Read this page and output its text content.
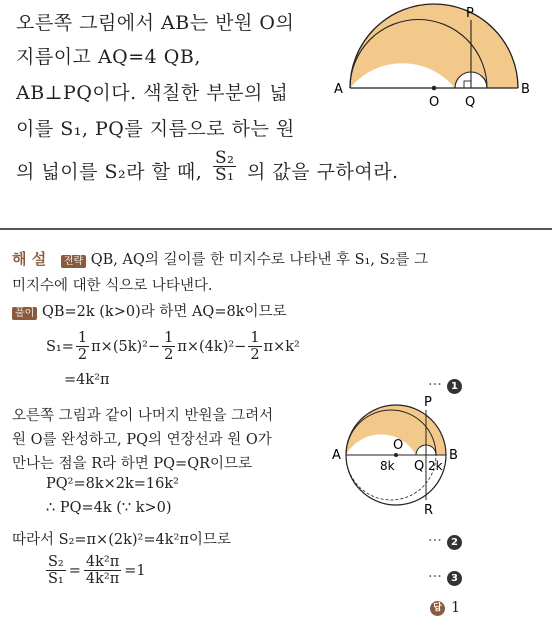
오른쪽 그림에서 AB는 반원 O의
지름이고 AQ=4 QB,
AB⊥PQ이다. 색칠한 부분의 넓
이를 S₁, PQ를 지름으로 하는 원
의 넓이를 S₂라 할 때, $\frac{\text{S₂}}{\text{S₁}}$ 의 값을 구하여라.
A
O Q
B
P
해 설 전략 QB, AQ의 길이를 한 미지수로 나타낸 후 S₁, S₂를 그
미지수에 대한 식으로 나타낸다.
풀이 QB=2k (k>0)라 하면 AQ=8k이므로
$S_1= \frac{1}{2} \pi\times(5k)^2- \frac{1}{2} \pi\times(4k)^2- \frac{1}{2} \pi\times k^2$
=4k²π	··· 1
오른쪽 그림과 같이 나머지 반원을 그려서
원 O를 완성하고, PQ의 연장선과 원 O가
만나는 점을 R라 하면 PQ=QR이므로
PQ²=8k×2k=16k²
∴ PQ=4k (∵ k>0)
따라서 S₂=π×(2k)²=4k²π이므로	··· 2
$\frac{\text{S₂}}{\text{S₁}} = \frac{\text{4k²π}}{\text{4k²π}} =1$	··· 3
답 1
A
O
8k Q 2k
B
P
R
